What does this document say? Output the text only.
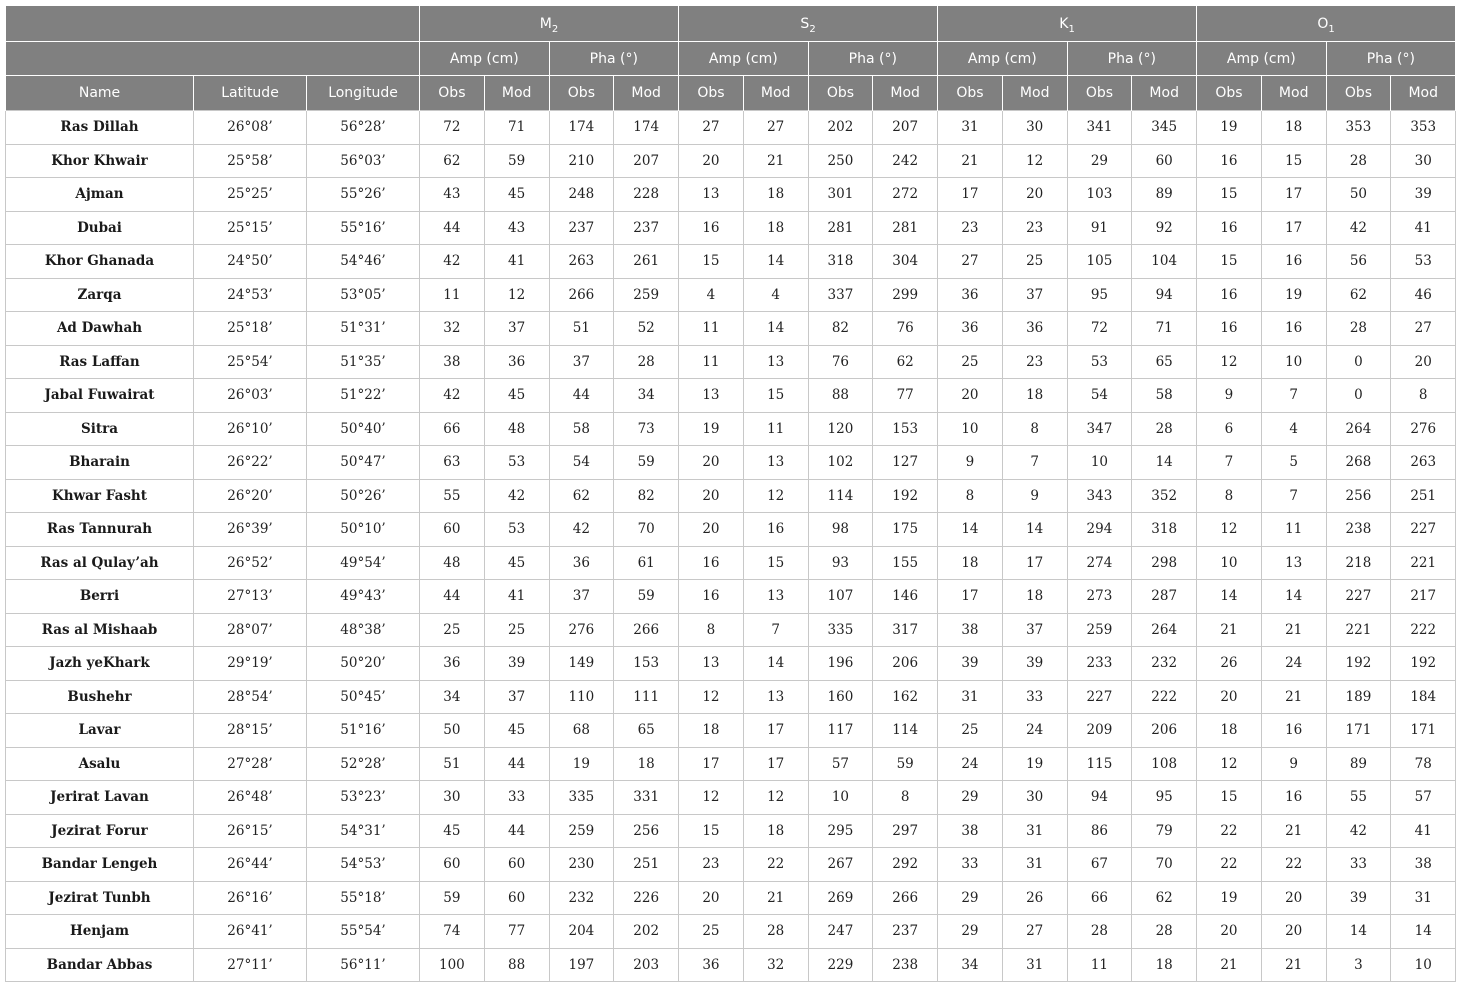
			$M_2$				$S_2$				$K_1$				$O_1$
			Amp (cm)		Pha (°)		Amp (cm)		Pha (°)		Amp (cm)		Pha (°)		Amp (cm)		Pha (°)	
Name	Latitude	Longitude	Obs	Mod	Obs	Mod	Obs	Mod	Obs	Mod	Obs	Mod	Obs	Mod	Obs	Mod	Obs	Mod
Ras Dillah	26°08’	56°28’	72	71	174	174	27	27	202	207	31	30	341	345	19	18	353	353
Khor Khwair	25°58’	56°03’	62	59	210	207	20	21	250	242	21	12	29	60	16	15	28	30
Ajman	25°25’	55°26’	43	45	248	228	13	18	301	272	17	20	103	89	15	17	50	39
Dubai	25°15’	55°16’	44	43	237	237	16	18	281	281	23	23	91	92	16	17	42	41
Khor Ghanada	24°50’	54°46’	42	41	263	261	15	14	318	304	27	25	105	104	15	16	56	53
Zarqa	24°53’	53°05’	11	12	266	259	4	4	337	299	36	37	95	94	16	19	62	46
Ad Dawhah	25°18’	51°31’	32	37	51	52	11	14	82	76	36	36	72	71	16	16	28	27
Ras Laffan	25°54’	51°35’	38	36	37	28	11	13	76	62	25	23	53	65	12	10	0	20
Jabal Fuwairat	26°03’	51°22’	42	45	44	34	13	15	88	77	20	18	54	58	9	7	0	8
Sitra	26°10’	50°40’	66	48	58	73	19	11	120	153	10	8	347	28	6	4	264	276
Bharain	26°22’	50°47’	63	53	54	59	20	13	102	127	9	7	10	14	7	5	268	263
Khwar Fasht	26°20’	50°26’	55	42	62	82	20	12	114	192	8	9	343	352	8	7	256	251
Ras Tannurah	26°39’	50°10’	60	53	42	70	20	16	98	175	14	14	294	318	12	11	238	227
Ras al Qulay’ah	26°52’	49°54’	48	45	36	61	16	15	93	155	18	17	274	298	10	13	218	221
Berri	27°13’	49°43’	44	41	37	59	16	13	107	146	17	18	273	287	14	14	227	217
Ras al Mishaab	28°07’	48°38’	25	25	276	266	8	7	335	317	38	37	259	264	21	21	221	222
Jazh yeKhark	29°19’	50°20’	36	39	149	153	13	14	196	206	39	39	233	232	26	24	192	192
Bushehr	28°54’	50°45’	34	37	110	111	12	13	160	162	31	33	227	222	20	21	189	184
Lavar	28°15’	51°16’	50	45	68	65	18	17	117	114	25	24	209	206	18	16	171	171
Asalu	27°28’	52°28’	51	44	19	18	17	17	57	59	24	19	115	108	12	9	89	78
Jerirat Lavan	26°48’	53°23’	30	33	335	331	12	12	10	8	29	30	94	95	15	16	55	57
Jezirat Forur	26°15’	54°31’	45	44	259	256	15	18	295	297	38	31	86	79	22	21	42	41
Bandar Lengeh	26°44’	54°53’	60	60	230	251	23	22	267	292	33	31	67	70	22	22	33	38
Jezirat Tunbh	26°16’	55°18’	59	60	232	226	20	21	269	266	29	26	66	62	19	20	39	31
Henjam	26°41’	55°54’	74	77	204	202	25	28	247	237	29	27	28	28	20	20	14	14
Bandar Abbas	27°11’	56°11’	100	88	197	203	36	32	229	238	34	31	11	18	21	21	3	10
